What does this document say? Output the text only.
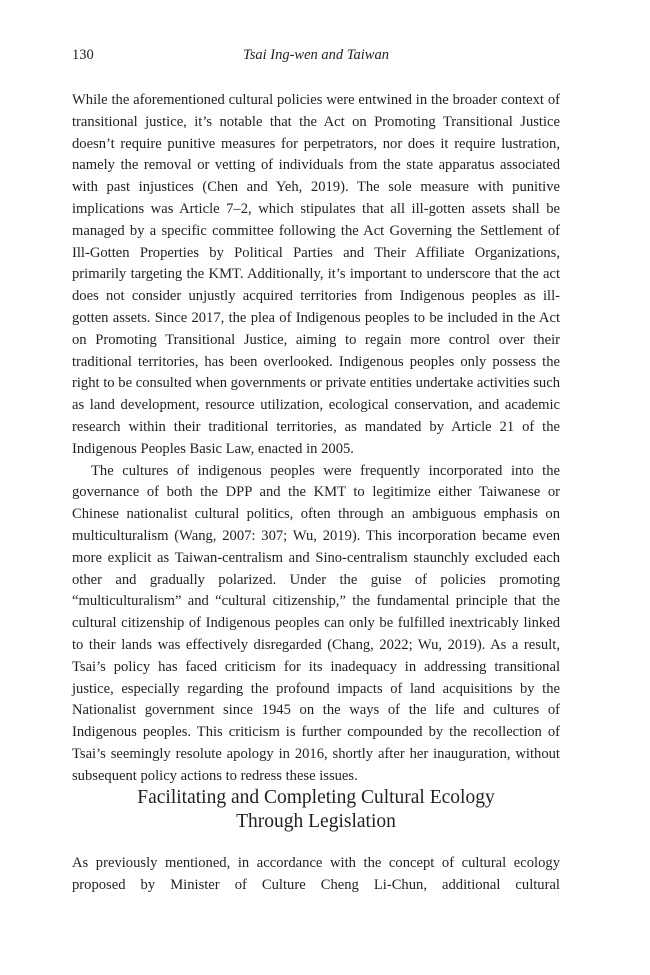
130	Tsai Ing-wen and Taiwan

While the aforementioned cultural policies were entwined in the broader context of transitional justice, it’s notable that the Act on Promoting Transitional Justice doesn’t require punitive measures for perpetrators, nor does it require lustration, namely the removal or vetting of individuals from the state apparatus associated with past injustices (Chen and Yeh, 2019). The sole measure with punitive implications was Article 7–2, which stipulates that all ill-gotten assets shall be managed by a specific committee following the Act Governing the Settlement of Ill-Gotten Properties by Political Parties and Their Affiliate Organizations, primarily targeting the KMT. Additionally, it’s important to underscore that the act does not consider unjustly acquired territories from Indigenous peoples as ill-gotten assets. Since 2017, the plea of Indigenous peoples to be included in the Act on Promoting Transitional Justice, aiming to regain more control over their traditional territories, has been overlooked. Indigenous peoples only possess the right to be consulted when governments or private entities undertake activities such as land development, resource utilization, ecological conservation, and academic research within their traditional territories, as mandated by Article 21 of the Indigenous Peoples Basic Law, enacted in 2005.

The cultures of indigenous peoples were frequently incorporated into the governance of both the DPP and the KMT to legitimize either Taiwanese or Chinese nationalist cultural politics, often through an ambiguous emphasis on multiculturalism (Wang, 2007: 307; Wu, 2019). This incorporation became even more explicit as Taiwan-centralism and Sino-centralism staunchly excluded each other and gradually polarized. Under the guise of policies promoting “multiculturalism” and “cultural citizenship,” the fundamental principle that the cultural citizenship of Indigenous peoples can only be fulfilled inextricably linked to their lands was effectively disregarded (Chang, 2022; Wu, 2019). As a result, Tsai’s policy has faced criticism for its inadequacy in addressing transitional justice, especially regarding the profound impacts of land acquisitions by the Nationalist government since 1945 on the ways of the life and cultures of Indigenous peoples. This criticism is further compounded by the recollection of Tsai’s seemingly resolute apology in 2016, shortly after her inauguration, without subsequent policy actions to redress these issues.

Facilitating and Completing Cultural Ecology
Through Legislation

As previously mentioned, in accordance with the concept of cultural ecology
proposed by Minister of Culture Cheng Li-Chun, additional cultural
